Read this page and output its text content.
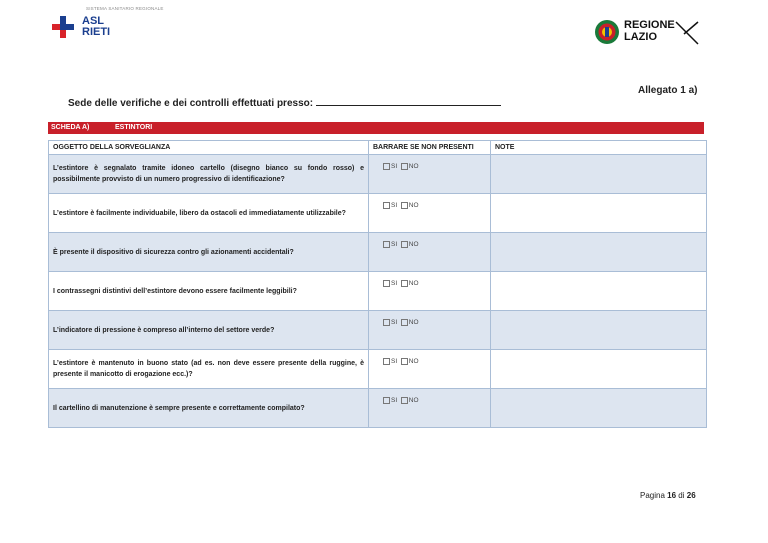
SISTEMA SANITARIO REGIONALE
ASL
RIETI
REGIONE
LAZIO
Allegato 1 a)
Sede delle verifiche e dei controlli effettuati presso:
SCHEDA A)	ESTINTORI
OGGETTO DELLA SORVEGLIANZA	BARRARE SE NON PRESENTI	NOTE
L’estintore è segnalato tramite idoneo cartello (disegno bianco su fondo rosso) e possibilmente provvisto di un numero progressivo di identificazione?	SI NO	
L’estintore è facilmente individuabile, libero da ostacoli ed immediatamente utilizzabile?	SI NO	
È presente il dispositivo di sicurezza contro gli azionamenti accidentali?	SI NO	
I contrassegni distintivi dell’estintore devono essere facilmente leggibili?	SI NO	
L’indicatore di pressione è compreso all’interno del settore verde?	SI NO	
L’estintore è mantenuto in buono stato (ad es. non deve essere presente della ruggine, è presente il manicotto di erogazione ecc.)?	SI NO	
Il cartellino di manutenzione è sempre presente e correttamente compilato?	SI NO	
Pagina 16 di 26
